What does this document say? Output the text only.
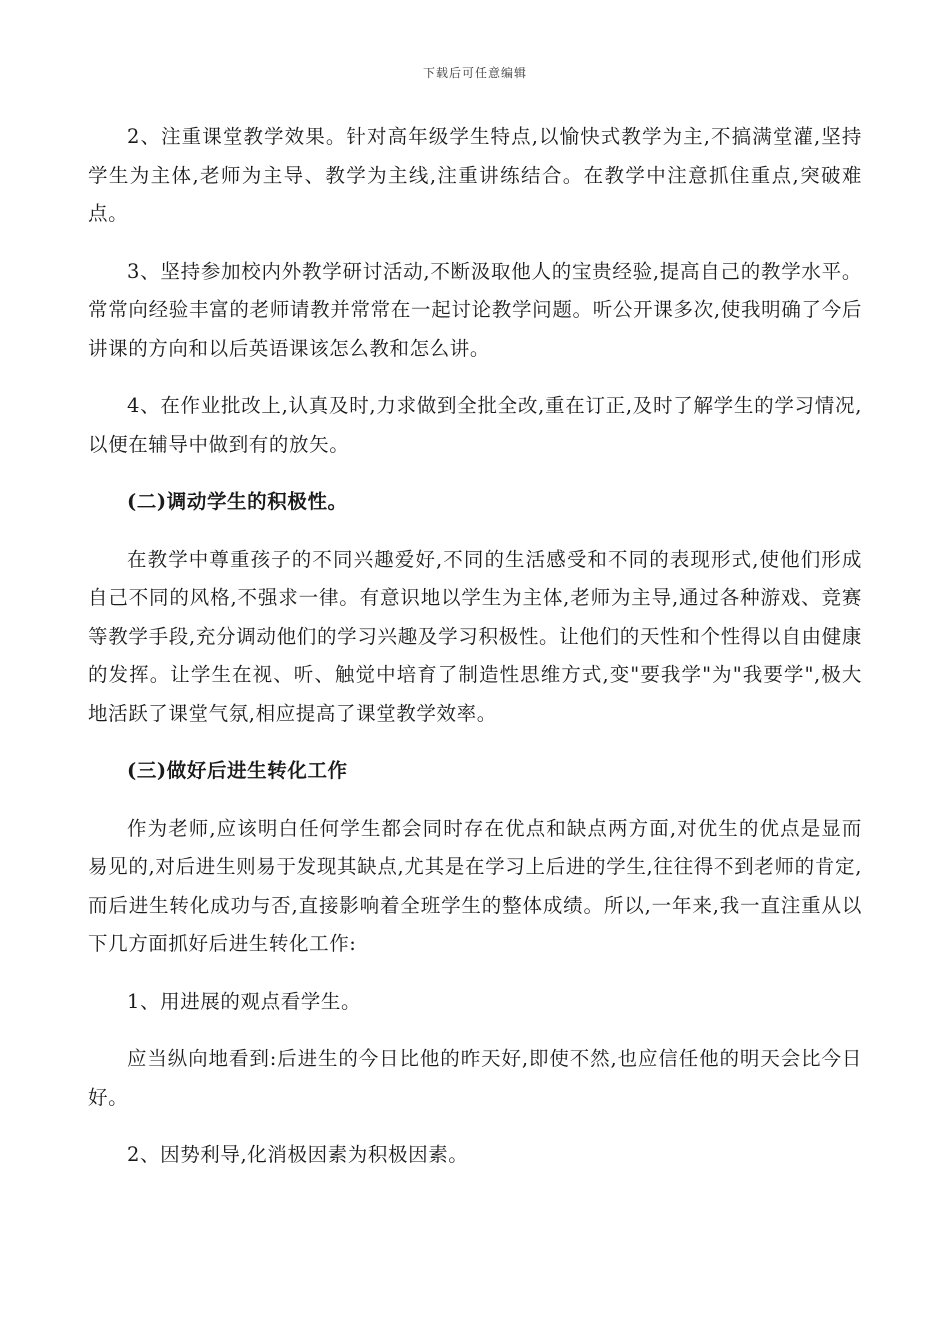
下载后可任意编辑

2、注重课堂教学效果。针对高年级学生特点,以愉快式教学为主,不搞满堂灌,坚持学生为主体,老师为主导、教学为主线,注重讲练结合。在教学中注意抓住重点,突破难点。

3、坚持参加校内外教学研讨活动,不断汲取他人的宝贵经验,提高自己的教学水平。常常向经验丰富的老师请教并常常在一起讨论教学问题。听公开课多次,使我明确了今后讲课的方向和以后英语课该怎么教和怎么讲。

4、在作业批改上,认真及时,力求做到全批全改,重在订正,及时了解学生的学习情况,以便在辅导中做到有的放矢。

(二)调动学生的积极性。

在教学中尊重孩子的不同兴趣爱好,不同的生活感受和不同的表现形式,使他们形成自己不同的风格,不强求一律。有意识地以学生为主体,老师为主导,通过各种游戏、竞赛等教学手段,充分调动他们的学习兴趣及学习积极性。让他们的天性和个性得以自由健康的发挥。让学生在视、听、触觉中培育了制造性思维方式,变"要我学"为"我要学",极大地活跃了课堂气氛,相应提高了课堂教学效率。

(三)做好后进生转化工作

作为老师,应该明白任何学生都会同时存在优点和缺点两方面,对优生的优点是显而易见的,对后进生则易于发现其缺点,尤其是在学习上后进的学生,往往得不到老师的肯定,而后进生转化成功与否,直接影响着全班学生的整体成绩。所以,一年来,我一直注重从以下几方面抓好后进生转化工作:

1、用进展的观点看学生。

应当纵向地看到:后进生的今日比他的昨天好,即使不然,也应信任他的明天会比今日好。

2、因势利导,化消极因素为积极因素。
